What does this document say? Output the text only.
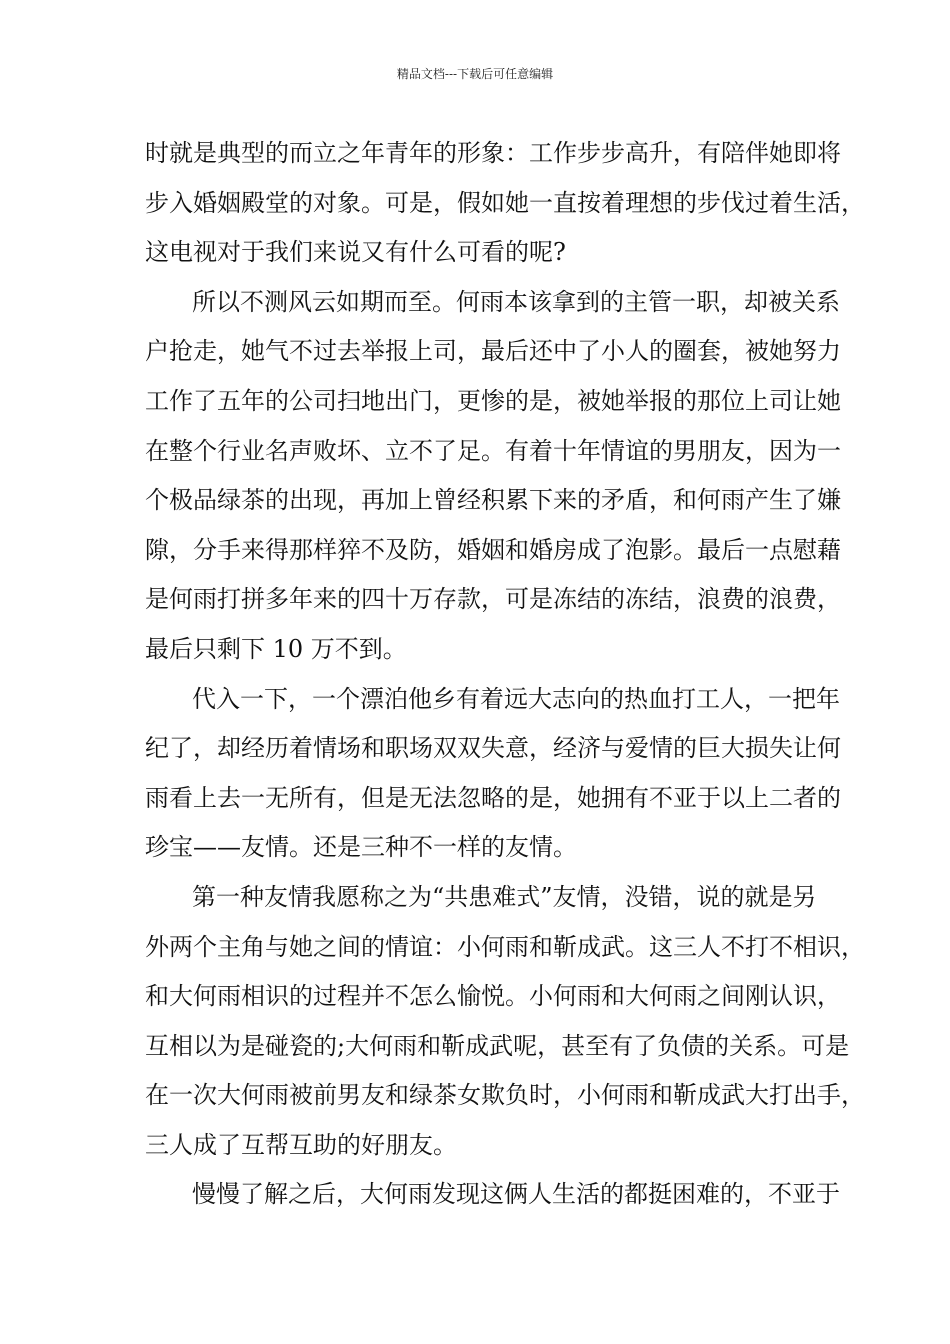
精品文档---下载后可任意编辑
时就是典型的而立之年青年的形象：工作步步高升，有陪伴她即将
步入婚姻殿堂的对象。可是，假如她一直按着理想的步伐过着生活，
这电视对于我们来说又有什么可看的呢?
所以不测风云如期而至。何雨本该拿到的主管一职，却被关系
户抢走，她气不过去举报上司，最后还中了小人的圈套，被她努力
工作了五年的公司扫地出门，更惨的是，被她举报的那位上司让她
在整个行业名声败坏、立不了足。有着十年情谊的男朋友，因为一
个极品绿茶的出现，再加上曾经积累下来的矛盾，和何雨产生了嫌
隙，分手来得那样猝不及防，婚姻和婚房成了泡影。最后一点慰藉
是何雨打拼多年来的四十万存款，可是冻结的冻结，浪费的浪费，
最后只剩下 10 万不到。
代入一下，一个漂泊他乡有着远大志向的热血打工人，一把年
纪了，却经历着情场和职场双双失意，经济与爱情的巨大损失让何
雨看上去一无所有，但是无法忽略的是，她拥有不亚于以上二者的
珍宝——友情。还是三种不一样的友情。
第一种友情我愿称之为“共患难式”友情，没错，说的就是另
外两个主角与她之间的情谊：小何雨和靳成武。这三人不打不相识，
和大何雨相识的过程并不怎么愉悦。小何雨和大何雨之间刚认识，
互相以为是碰瓷的;大何雨和靳成武呢，甚至有了负债的关系。可是
在一次大何雨被前男友和绿茶女欺负时，小何雨和靳成武大打出手，
三人成了互帮互助的好朋友。
慢慢了解之后，大何雨发现这俩人生活的都挺困难的，不亚于
